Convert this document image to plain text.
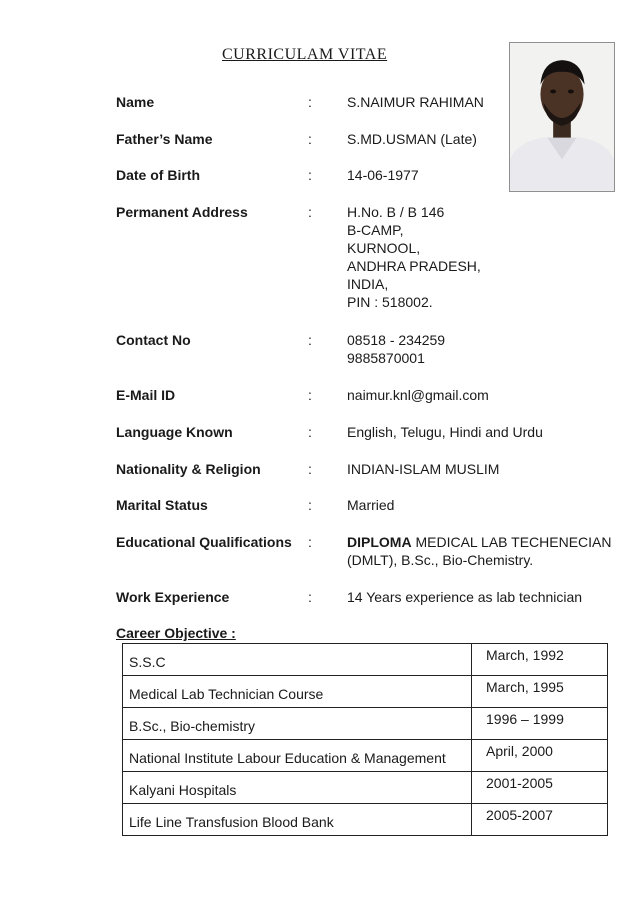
CURRICULAM VITAE
Name	:	S.NAIMUR RAHIMAN
Father’s Name	:	S.MD.USMAN (Late)
Date of Birth	:	14-06-1977
Permanent Address	:	H.No. B / B 146
B-CAMP,
KURNOOL,
ANDHRA PRADESH,
INDIA,
PIN : 518002.
Contact No	:	08518 - 234259
9885870001
E-Mail ID	:	naimur.knl@gmail.com
Language Known	:	English, Telugu, Hindi and Urdu
Nationality & Religion	:	INDIAN-ISLAM MUSLIM
Marital Status	:	Married
Educational Qualifications	:	DIPLOMA MEDICAL LAB TECHENECIAN
(DMLT), B.Sc., Bio-Chemistry.
Work Experience	:	14 Years experience as lab technician
Career Objective :
S.S.C	March, 1992
Medical Lab Technician Course	March, 1995
B.Sc., Bio-chemistry	1996 – 1999
National Institute Labour Education & Management	April, 2000
Kalyani Hospitals	2001-2005
Life Line Transfusion Blood Bank	2005-2007
